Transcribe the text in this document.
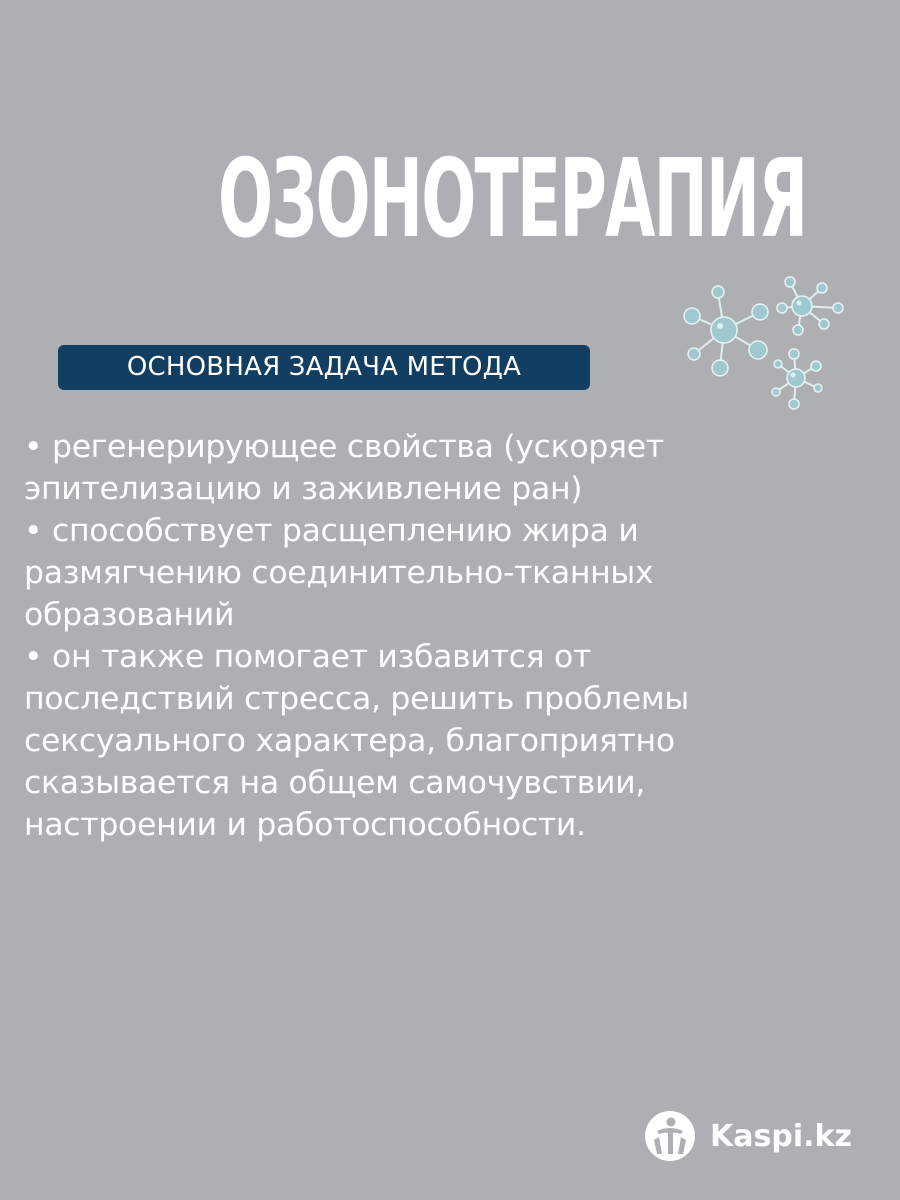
ОЗОНОТЕРАПИЯ
ОСНОВНАЯ ЗАДАЧА МЕТОДА
• регенерирующее свойства (ускоряет
эпителизацию и заживление ран)
• способствует расщеплению жира и
размягчению соединительно-тканных
образований
• он также помогает избавится от
последствий стресса, решить проблемы
сексуального характера, благоприятно
сказывается на общем самочувствии,
настроении и работоспособности.
Kaspi.kz
